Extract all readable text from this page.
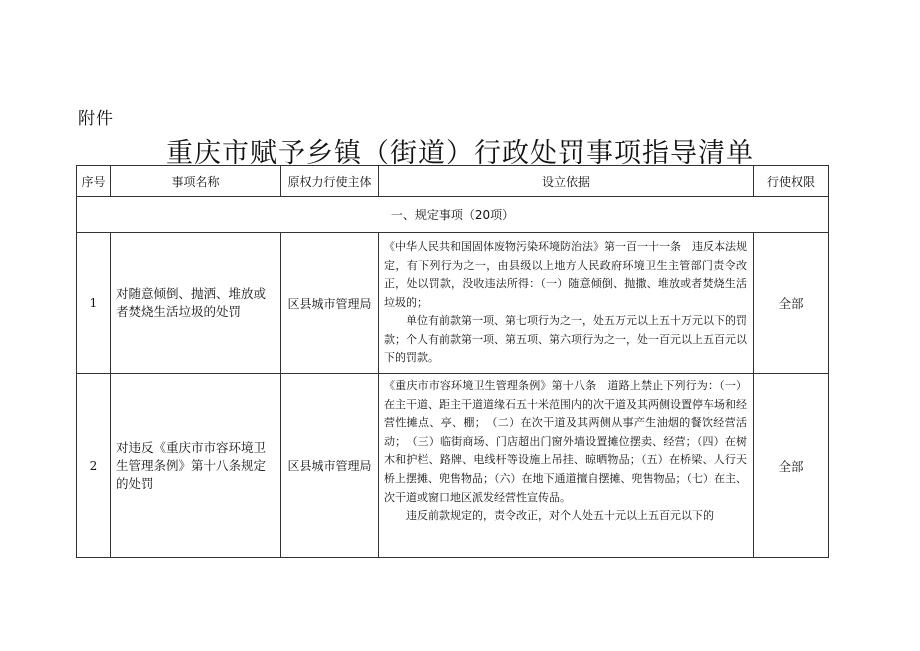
附件
重庆市赋予乡镇（街道）行政处罚事项指导清单
序号	事项名称	原权力行使主体	设立依据	行使权限
一、规定事项（20项）				
1	对随意倾倒、抛洒、堆放或者焚烧生活垃圾的处罚	区县城市管理局	《中华人民共和国固体废物污染环境防治法》第一百一十一条　违反本法规定，有下列行为之一，由县级以上地方人民政府环境卫生主管部门责令改正，处以罚款，没收违法所得：（一）随意倾倒、抛撒、堆放或者焚烧生活垃圾的；

单位有前款第一项、第七项行为之一，处五万元以上五十万元以下的罚款；个人有前款第一项、第五项、第六项行为之一，处一百元以上五百元以下的罚款。	全部
2	对违反《重庆市市容环境卫生管理条例》第十八条规定的处罚	区县城市管理局	《重庆市市容环境卫生管理条例》第十八条　道路上禁止下列行为：（一）在主干道、距主干道道缘石五十米范围内的次干道及其两侧设置停车场和经营性摊点、亭、棚；　（二）在次干道及其两侧从事产生油烟的餐饮经营活动；　（三）临街商场、门店超出门窗外墙设置摊位摆卖、经营；（四）在树木和护栏、路牌、电线杆等设施上吊挂、晾晒物品；（五）在桥梁、人行天桥上摆摊、兜售物品；（六）在地下通道擅自摆摊、兜售物品；（七）在主、次干道或窗口地区派发经营性宣传品。

违反前款规定的，责令改正，对个人处五十元以上五百元以下的	全部
